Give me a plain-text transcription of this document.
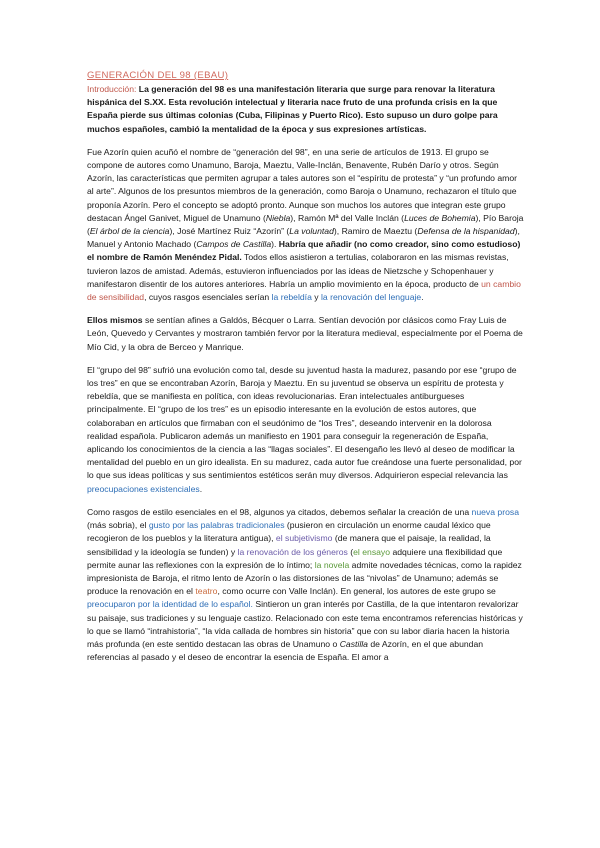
GENERACIÓN DEL 98 (EBAU)

Introducción: La generación del 98 es una manifestación literaria que surge para renovar la literatura hispánica del S.XX. Esta revolución intelectual y literaria nace fruto de una profunda crisis en la que España pierde sus últimas colonias (Cuba, Filipinas y Puerto Rico). Esto supuso un duro golpe para muchos españoles, cambió la mentalidad de la época y sus expresiones artísticas.

Fue Azorín quien acuñó el nombre de “generación del 98”, en una serie de artículos de 1913. El grupo se compone de autores como Unamuno, Baroja, Maeztu, Valle-Inclán, Benavente, Rubén Darío y otros. Según Azorín, las características que permiten agrupar a tales autores son el “espíritu de protesta” y “un profundo amor al arte”. Algunos de los presuntos miembros de la generación, como Baroja o Unamuno, rechazaron el título que proponía Azorín. Pero el concepto se adoptó pronto. Aunque son muchos los autores que integran este grupo destacan Ángel Ganivet, Miguel de Unamuno (Niebla), Ramón Mª del Valle Inclán (Luces de Bohemia), Pío Baroja (El árbol de la ciencia), José Martínez Ruiz “Azorín” (La voluntad), Ramiro de Maeztu (Defensa de la hispanidad), Manuel y Antonio Machado (Campos de Castilla). Habría que añadir (no como creador, sino como estudioso) el nombre de Ramón Menéndez Pidal. Todos ellos asistieron a tertulias, colaboraron en las mismas revistas, tuvieron lazos de amistad. Además, estuvieron influenciados por las ideas de Nietzsche y Schopenhauer y manifestaron disentir de los autores anteriores. Habría un amplio movimiento en la época, producto de un cambio de sensibilidad, cuyos rasgos esenciales serían la rebeldía y la renovación del lenguaje.

Ellos mismos se sentían afines a Galdós, Bécquer o Larra. Sentían devoción por clásicos como Fray Luis de León, Quevedo y Cervantes y mostraron también fervor por la literatura medieval, especialmente por el Poema de Mío Cid, y la obra de Berceo y Manrique.

El “grupo del 98” sufrió una evolución como tal, desde su juventud hasta la madurez, pasando por ese “grupo de los tres” en que se encontraban Azorín, Baroja y Maeztu. En su juventud se observa un espíritu de protesta y rebeldía, que se manifiesta en política, con ideas revolucionarias. Eran intelectuales antiburgueses principalmente. El “grupo de los tres” es un episodio interesante en la evolución de estos autores, que colaboraban en artículos que firmaban con el seudónimo de “los Tres”, deseando intervenir en la dolorosa realidad española. Publicaron además un manifiesto en 1901 para conseguir la regeneración de España, aplicando los conocimientos de la ciencia a las “llagas sociales”. El desengaño les llevó al deseo de modificar la mentalidad del pueblo en un giro idealista. En su madurez, cada autor fue creándose una fuerte personalidad, por lo que sus ideas políticas y sus sentimientos estéticos serán muy diversos. Adquirieron especial relevancia las preocupaciones existenciales.

Como rasgos de estilo esenciales en el 98, algunos ya citados, debemos señalar la creación de una nueva prosa (más sobria), el gusto por las palabras tradicionales (pusieron en circulación un enorme caudal léxico que recogieron de los pueblos y la literatura antigua), el subjetivismo (de manera que el paisaje, la realidad, la sensibilidad y la ideología se funden) y la renovación de los géneros (el ensayo adquiere una flexibilidad que permite aunar las reflexiones con la expresión de lo íntimo; la novela admite novedades técnicas, como la rapidez impresionista de Baroja, el ritmo lento de Azorín o las distorsiones de las “nivolas” de Unamuno; además se produce la renovación en el teatro, como ocurre con Valle Inclán). En general, los autores de este grupo se preocuparon por la identidad de lo español. Sintieron un gran interés por Castilla, de la que intentaron revalorizar su paisaje, sus tradiciones y su lenguaje castizo. Relacionado con este tema encontramos referencias históricas y lo que se llamó “intrahistoria”, “la vida callada de hombres sin historia” que con su labor diaria hacen la historia más profunda (en este sentido destacan las obras de Unamuno o Castilla de Azorín, en el que abundan referencias al pasado y el deseo de encontrar la esencia de España. El amor a
